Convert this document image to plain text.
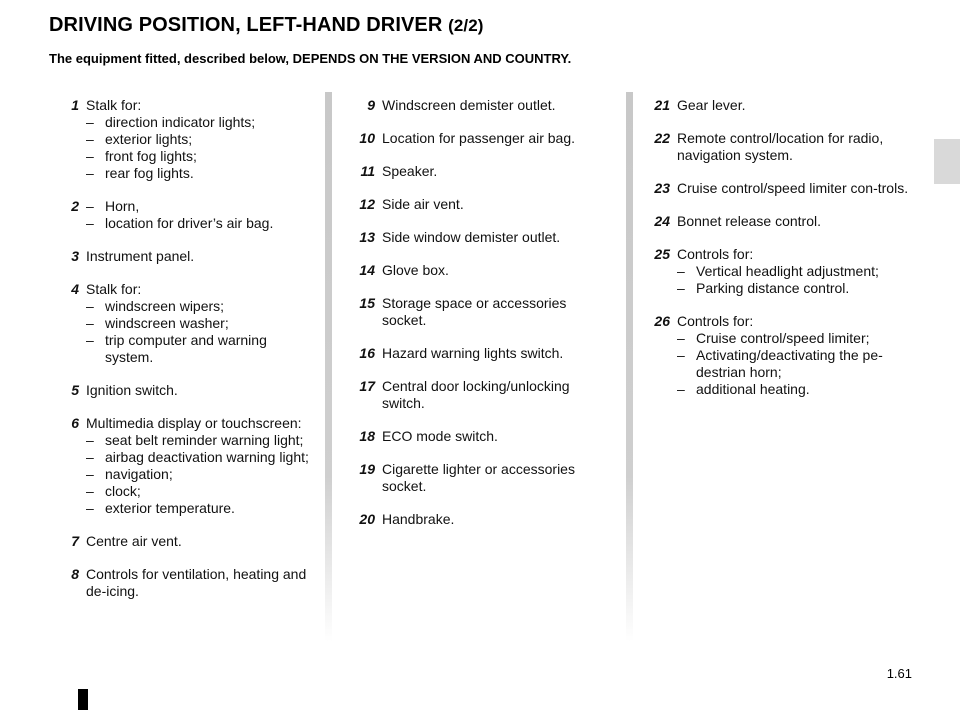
DRIVING POSITION, LEFT-HAND DRIVER (2/2)

The equipment fitted, described below, DEPENDS ON THE VERSION AND COUNTRY.

1 Stalk for:
– direction indicator lights;
– exterior lights;
– front fog lights;
– rear fog lights.
2
–	Horn,
– location for driver’s air bag.
3 Instrument panel.
4 Stalk for:
– windscreen wipers;
– windscreen washer;
– trip computer and warning system.
5 Ignition switch.
6 Multimedia display or touchscreen:
– seat belt reminder warning light;
– airbag deactivation warning light;
– navigation;
– clock;
– exterior temperature.
7 Centre air vent.
8 Controls for ventilation, heating and de-icing.
9 Windscreen demister outlet.
10 Location for passenger air bag.
11 Speaker.
12 Side air vent.
13 Side window demister outlet.
14 Glove box.
15 Storage space or accessories socket.
16 Hazard warning lights switch.
17 Central door locking/unlocking switch.
18 ECO mode switch.
19 Cigarette lighter or accessories socket.
20 Handbrake.
21 Gear lever.
22 Remote control/location for radio, navigation system.
23 Cruise control/speed limiter con-trols.
24 Bonnet release control.
25 Controls for:
– Vertical headlight adjustment;
– Parking distance control.
26 Controls for:
– Cruise control/speed limiter;
– Activating/deactivating the pe-destrian horn;
– additional heating.
1.61
